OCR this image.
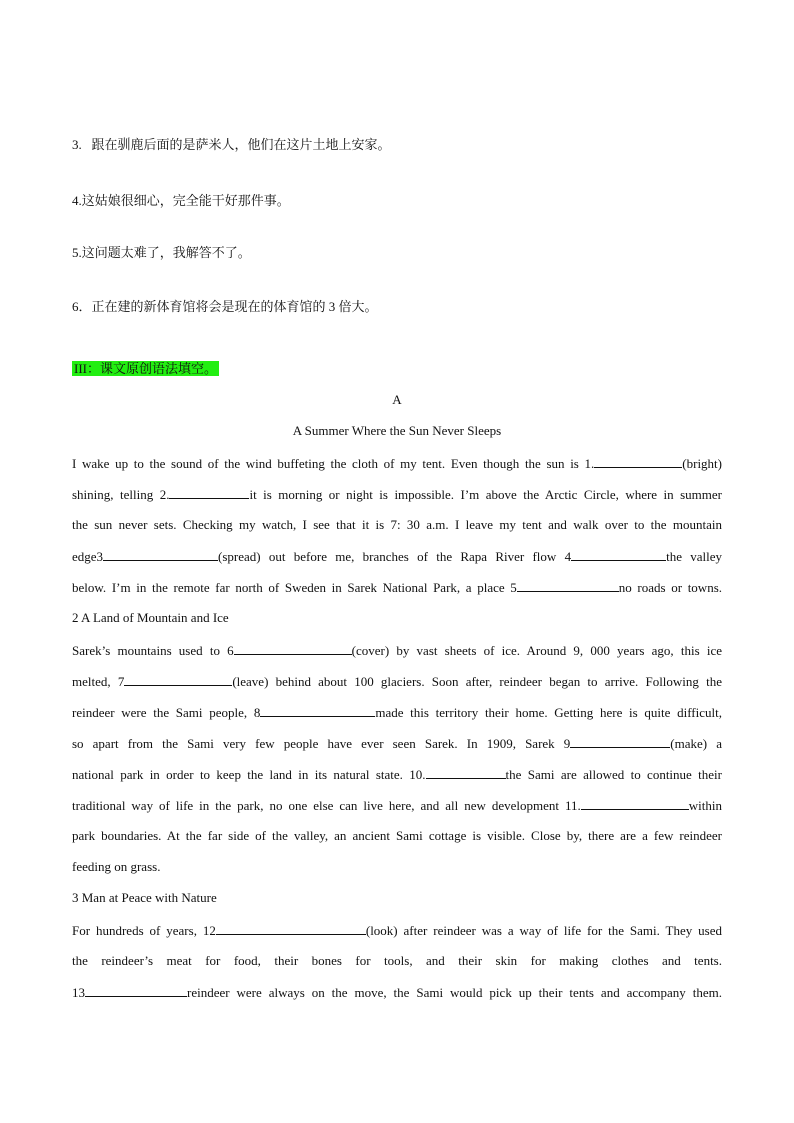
3.   跟在驯鹿后面的是萨米人，他们在这片土地上安家。
4.这姑娘很细心，完全能干好那件事。
5.这问题太难了，我解答不了。
6．正在建的新体育馆将会是现在的体育馆的 3 倍大。
III：课文原创语法填空。
A
A Summer Where the Sun Never Sleeps
I wake up to the sound of the wind buffeting the cloth of my tent. Even though the sun is 1.	(bright)
shining, telling 2.	it is morning or night is impossible. I’m above the Arctic Circle, where in summer
the sun never sets. Checking my watch, I see that it is 7: 30 a.m. I leave my tent and walk over to the mountain
edge3	(spread) out before me, branches of the Rapa River flow 4	the valley
below. I’m in the remote far north of Sweden in Sarek National Park, a place 5	no roads or towns.
2 A Land of Mountain and Ice
Sarek’s mountains used to 6	(cover) by vast sheets of ice. Around 9, 000 years ago, this ice
melted, 7	(leave) behind about 100 glaciers. Soon after, reindeer began to arrive. Following the
reindeer were the Sami people, 8	made this territory their home. Getting here is quite difficult,
so apart from the Sami very few people have ever seen Sarek. In 1909, Sarek 9	(make) a
national park in order to keep the land in its natural state. 10.	the Sami are allowed to continue their
traditional way of life in the park, no one else can live here, and all new development 11.	within
park boundaries. At the far side of the valley, an ancient Sami cottage is visible. Close by, there are a few reindeer
feeding on grass.
3 Man at Peace with Nature
For hundreds of years, 12	(look) after reindeer was a way of life for the Sami. They used
the reindeer’s meat for food, their bones for tools, and their skin for making clothes and tents.
13	reindeer were always on the move, the Sami would pick up their tents and accompany them.
